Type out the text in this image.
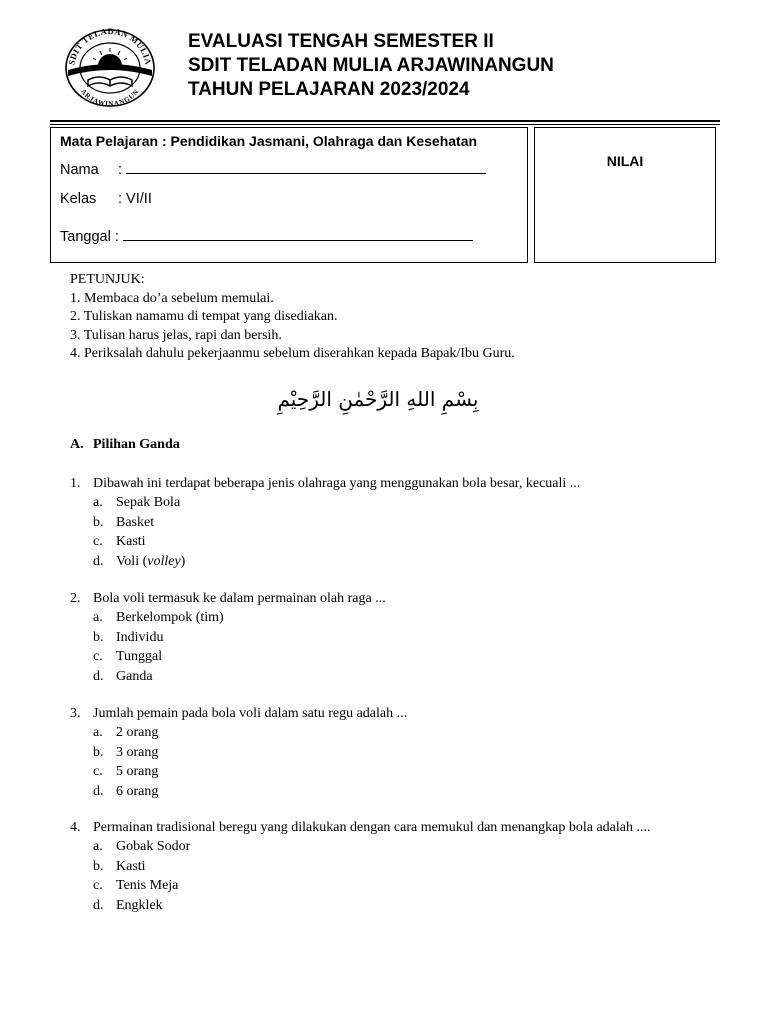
SDIT TELADAN MULIA
ARJAWINANGUN
EVALUASI TENGAH SEMESTER II
SDIT TELADAN MULIA ARJAWINANGUN
TAHUN PELAJARAN 2023/2024
Mata Pelajaran : Pendidikan Jasmani, Olahraga dan Kesehatan
Nama :
Kelas : VI/II
Tanggal :
NILAI
PETUNJUK:
1. Membaca do’a sebelum memulai.
2. Tuliskan namamu di tempat yang disediakan.
3. Tulisan harus jelas, rapi dan bersih.
4. Periksalah dahulu pekerjaanmu sebelum diserahkan kepada Bapak/Ibu Guru.
بِسْمِ اللهِ الرَّحْمٰنِ الرَّحِيْمِ
A. Pilihan Ganda
1. Dibawah ini terdapat beberapa jenis olahraga yang menggunakan bola besar, kecuali ...
a. Sepak Bola
b. Basket
c. Kasti
d. Voli (volley)
2. Bola voli termasuk ke dalam permainan olah raga ...
a. Berkelompok (tim)
b. Individu
c. Tunggal
d. Ganda
3. Jumlah pemain pada bola voli dalam satu regu adalah ...
a. 2 orang
b. 3 orang
c. 5 orang
d. 6 orang
4. Permainan tradisional beregu yang dilakukan dengan cara memukul dan menangkap bola adalah ....
a. Gobak Sodor
b. Kasti
c. Tenis Meja
d. Engklek
